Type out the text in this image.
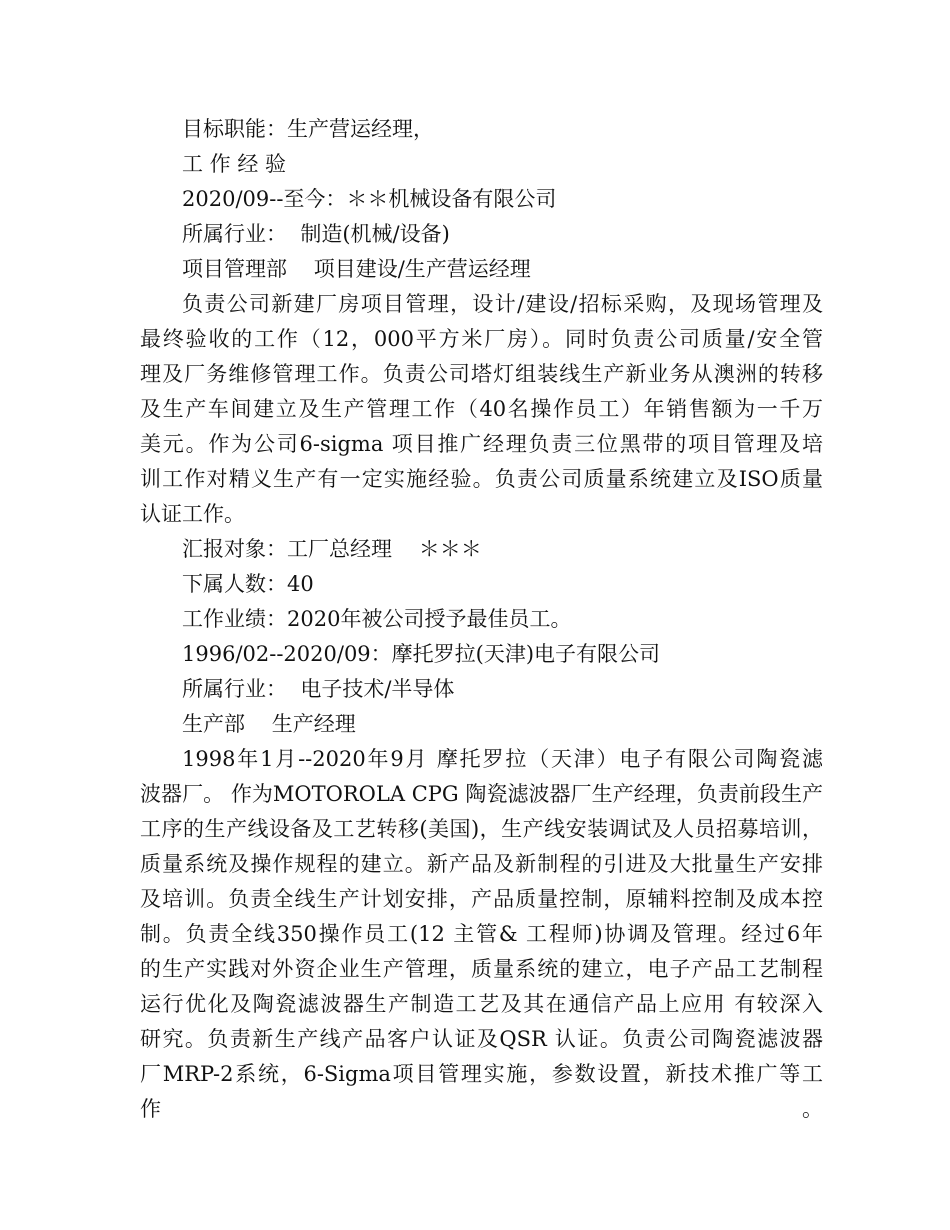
目标职能：生产营运经理，
工 作 经 验
2020/09--至今：＊＊机械设备有限公司
所属行业：  制造(机械/设备)
项目管理部    项目建设/生产营运经理
负责公司新建厂房项目管理，设计/建设/招标采购，及现场管理及
最终验收的工作（12，000平方米厂房）。同时负责公司质量/安全管
理及厂务维修管理工作。负责公司塔灯组装线生产新业务从澳洲的转移
及生产车间建立及生产管理工作（40名操作员工）年销售额为一千万
美元。作为公司6-sigma 项目推广经理负责三位黑带的项目管理及培
训工作对精义生产有一定实施经验。负责公司质量系统建立及ISO质量
认证工作。
汇报对象：工厂总经理    ＊＊＊
下属人数：40
工作业绩：2020年被公司授予最佳员工。
1996/02--2020/09：摩托罗拉(天津)电子有限公司
所属行业：  电子技术/半导体
生产部    生产经理
1998年1月--2020年9月 摩托罗拉（天津）电子有限公司陶瓷滤
波器厂。 作为MOTOROLA CPG 陶瓷滤波器厂生产经理，负责前段生产
工序的生产线设备及工艺转移(美国)，生产线安装调试及人员招募培训，
质量系统及操作规程的建立。新产品及新制程的引进及大批量生产安排
及培训。负责全线生产计划安排，产品质量控制，原辅料控制及成本控
制。负责全线350操作员工(12 主管& 工程师)协调及管理。经过6年
的生产实践对外资企业生产管理，质量系统的建立，电子产品工艺制程
运行优化及陶瓷滤波器生产制造工艺及其在通信产品上应用 有较深入
研究。负责新生产线产品客户认证及QSR 认证。负责公司陶瓷滤波器
厂MRP-2系统，6-Sigma项目管理实施，参数设置，新技术推广等工作。
